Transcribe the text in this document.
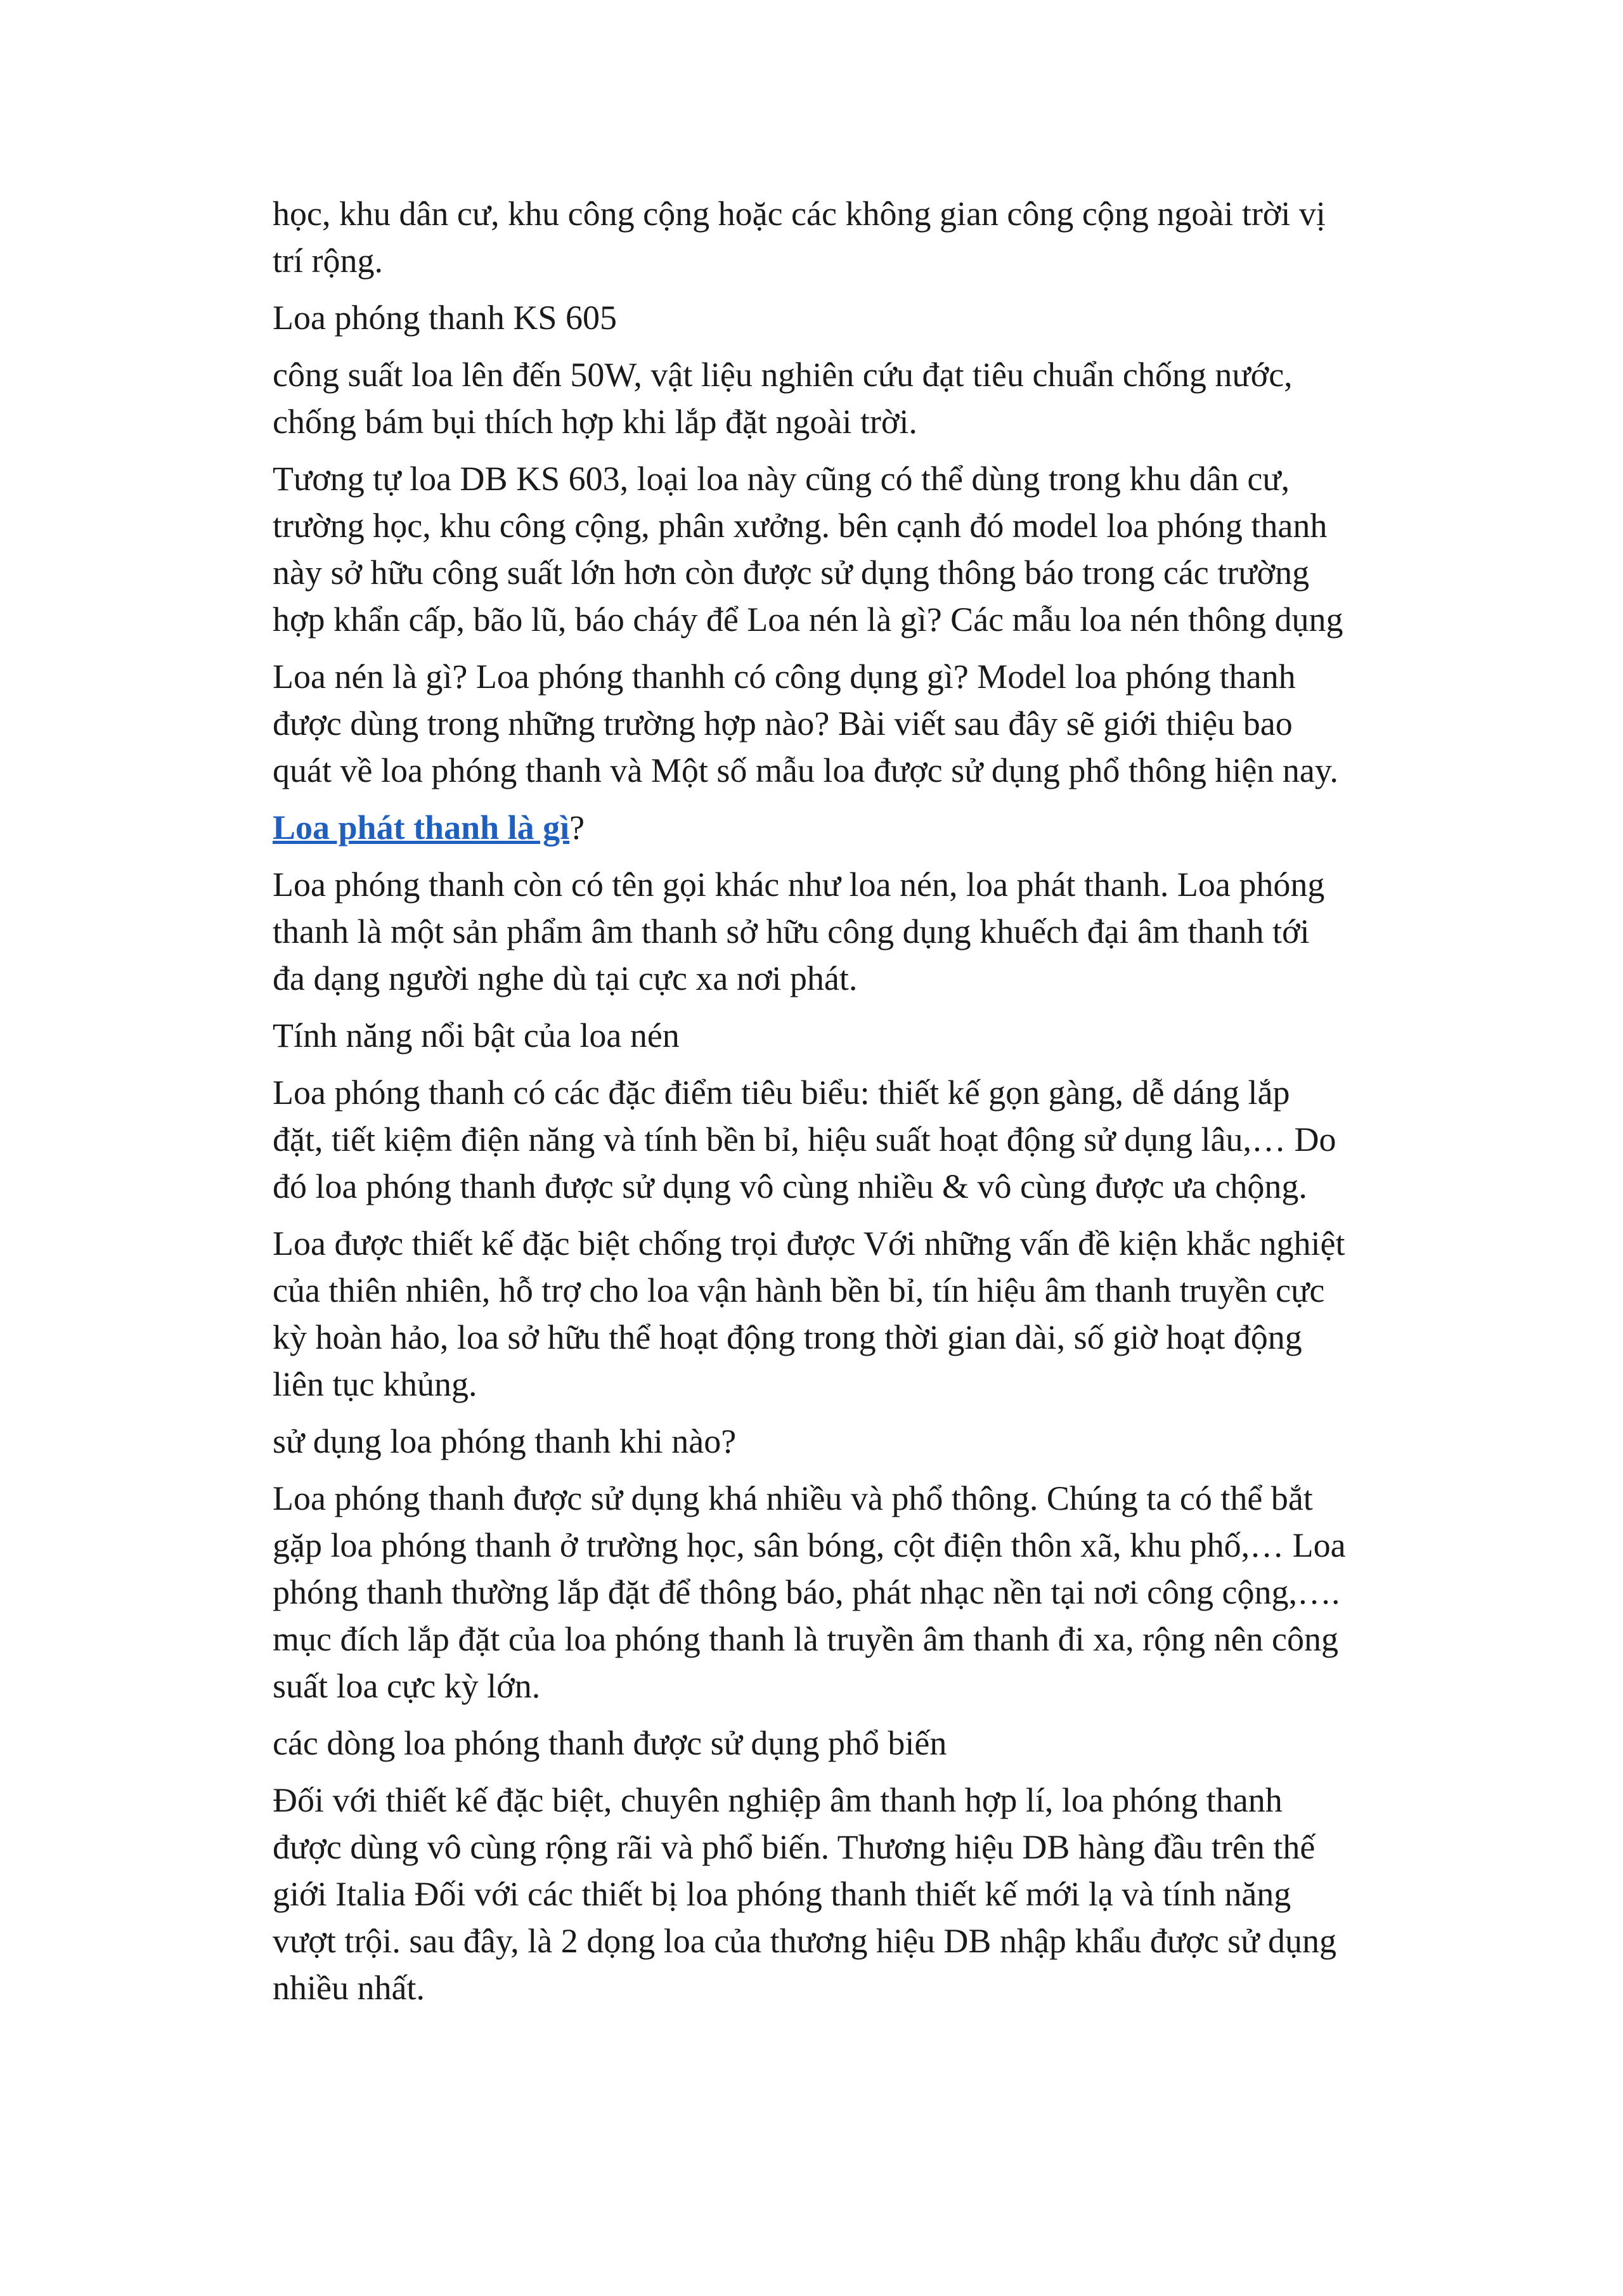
học, khu dân cư, khu công cộng hoặc các không gian công cộng ngoài trời vị
trí rộng.

Loa phóng thanh KS 605

công suất loa lên đến 50W, vật liệu nghiên cứu đạt tiêu chuẩn chống nước,
chống bám bụi thích hợp khi lắp đặt ngoài trời.

Tương tự loa DB KS 603, loại loa này cũng có thể dùng trong khu dân cư,
trường học, khu công cộng, phân xưởng. bên cạnh đó model loa phóng thanh
này sở hữu công suất lớn hơn còn được sử dụng thông báo trong các trường
hợp khẩn cấp, bão lũ, báo cháy để Loa nén là gì? Các mẫu loa nén thông dụng

Loa nén là gì? Loa phóng thanhh có công dụng gì? Model loa phóng thanh
được dùng trong những trường hợp nào? Bài viết sau đây sẽ giới thiệu bao
quát về loa phóng thanh và Một số mẫu loa được sử dụng phổ thông hiện nay.

Loa phát thanh là gì?

Loa phóng thanh còn có tên gọi khác như loa nén, loa phát thanh. Loa phóng
thanh là một sản phẩm âm thanh sở hữu công dụng khuếch đại âm thanh tới
đa dạng người nghe dù tại cực xa nơi phát.

Tính năng nổi bật của loa nén

Loa phóng thanh có các đặc điểm tiêu biểu: thiết kế gọn gàng, dễ dáng lắp
đặt, tiết kiệm điện năng và tính bền bỉ, hiệu suất hoạt động sử dụng lâu,… Do
đó loa phóng thanh được sử dụng vô cùng nhiều & vô cùng được ưa chộng.

Loa được thiết kế đặc biệt chống trọi được Với những vấn đề kiện khắc nghiệt
của thiên nhiên, hỗ trợ cho loa vận hành bền bỉ, tín hiệu âm thanh truyền cực
kỳ hoàn hảo, loa sở hữu thể hoạt động trong thời gian dài, số giờ hoạt động
liên tục khủng.

sử dụng loa phóng thanh khi nào?

Loa phóng thanh được sử dụng khá nhiều và phổ thông. Chúng ta có thể bắt
gặp loa phóng thanh ở trường học, sân bóng, cột điện thôn xã, khu phố,… Loa
phóng thanh thường lắp đặt để thông báo, phát nhạc nền tại nơi công cộng,….
mục đích lắp đặt của loa phóng thanh là truyền âm thanh đi xa, rộng nên công
suất loa cực kỳ lớn.

các dòng loa phóng thanh được sử dụng phổ biến

Đối với thiết kế đặc biệt, chuyên nghiệp âm thanh hợp lí, loa phóng thanh
được dùng vô cùng rộng rãi và phổ biến. Thương hiệu DB hàng đầu trên thế
giới Italia Đối với các thiết bị loa phóng thanh thiết kế mới lạ và tính năng
vượt trội. sau đây, là 2 dọng loa của thương hiệu DB nhập khẩu được sử dụng
nhiều nhất.
